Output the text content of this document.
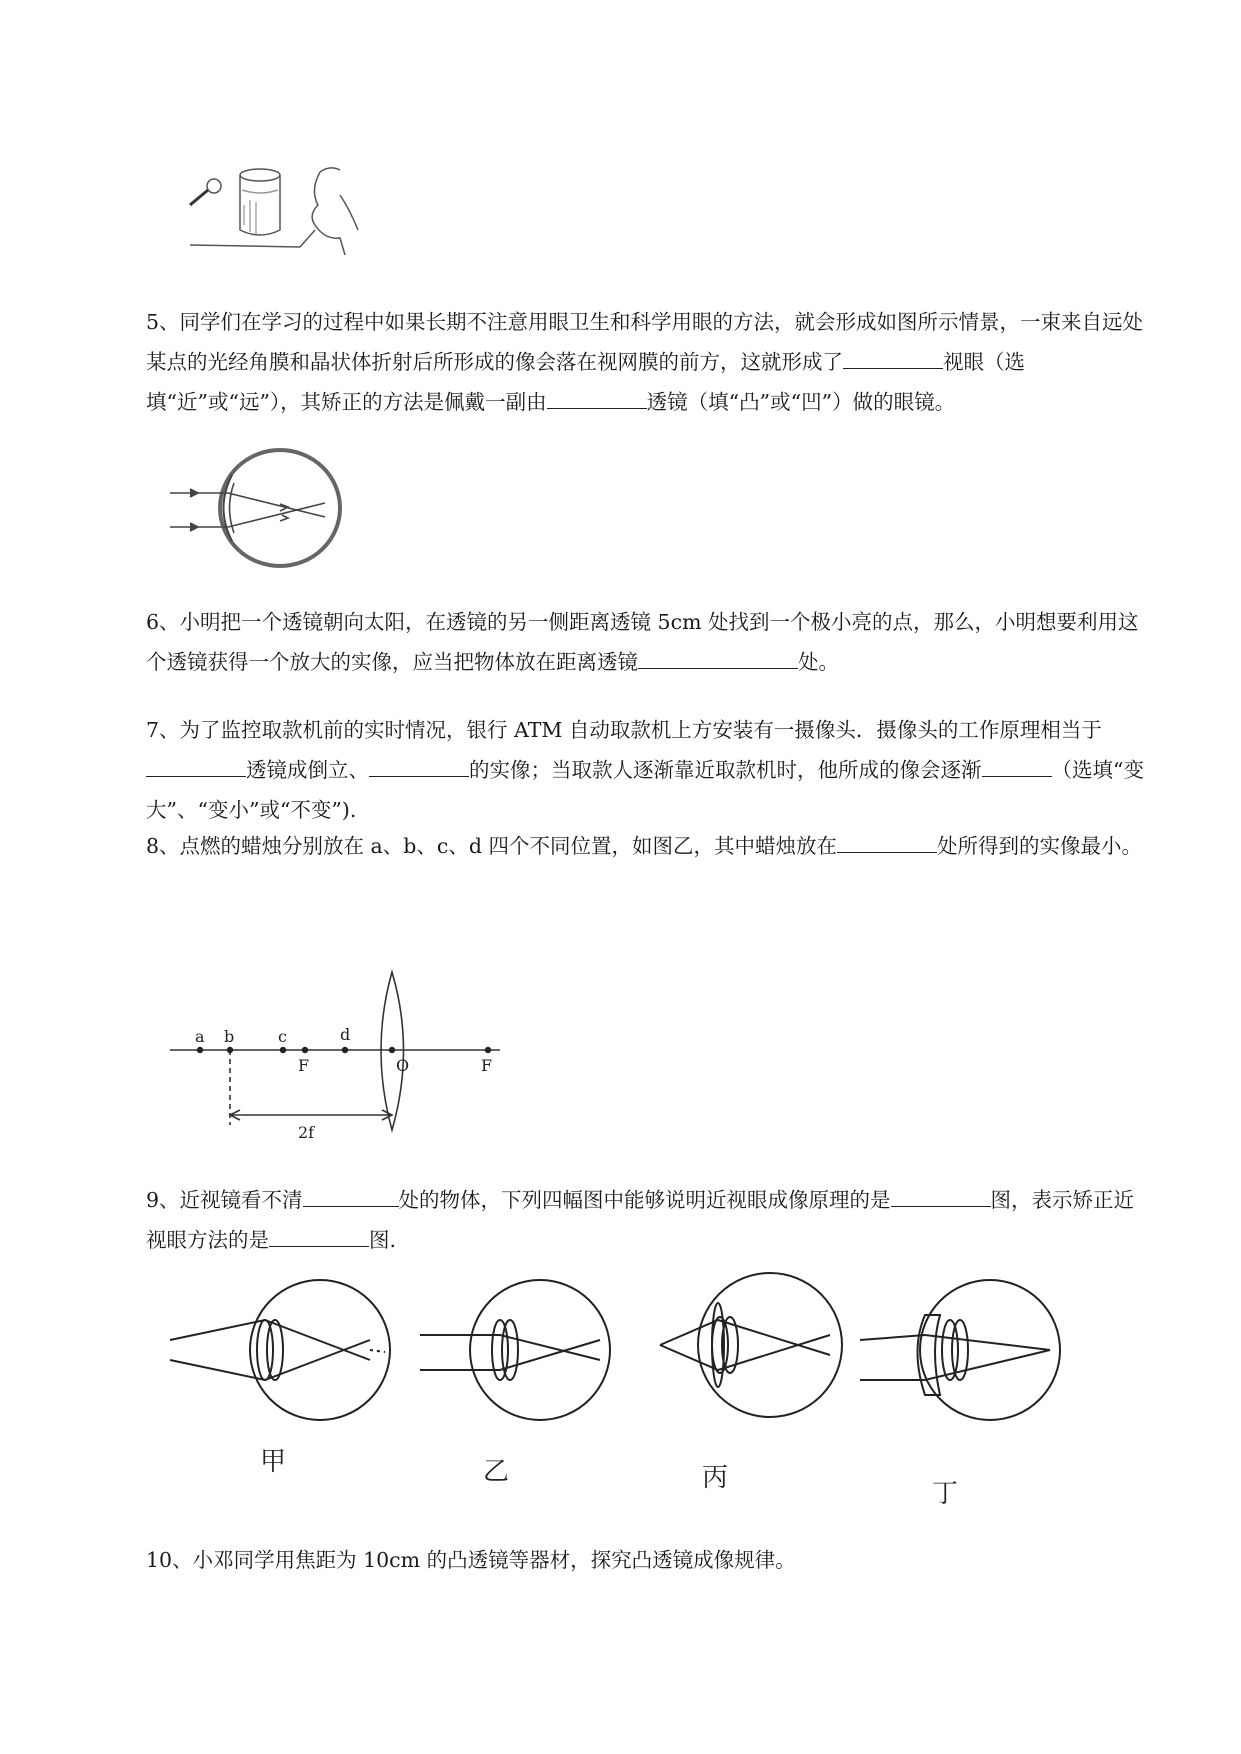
5、同学们在学习的过程中如果长期不注意用眼卫生和科学用眼的方法，就会形成如图所示情景，一束来自远处某点的光经角膜和晶状体折射后所形成的像会落在视网膜的前方，这就形成了	视眼（选填“近”或“远”），其矫正的方法是佩戴一副由	透镜（填“凸”或“凹”）做的眼镜。
6、小明把一个透镜朝向太阳，在透镜的另一侧距离透镜 5cm 处找到一个极小亮的点，那么，小明想要利用这个透镜获得一个放大的实像，应当把物体放在距离透镜	处。
7、为了监控取款机前的实时情况，银行 ATM 自动取款机上方安装有一摄像头．摄像头的工作原理相当于透镜成倒立、	的实像；当取款人逐渐靠近取款机时，他所成的像会逐渐	（选填“变大”、“变小”或“不变”).
8、点燃的蜡烛分别放在 a、b、c、d 四个不同位置，如图乙，其中蜡烛放在	处所得到的实像最小。
a b	c	d
F	O	F
2f
9、近视镜看不清	处的物体，下列四幅图中能够说明近视眼成像原理的是	图，表示矫正近视眼方法的是	图.
甲	乙	丙
丁
10、小邓同学用焦距为 10cm 的凸透镜等器材，探究凸透镜成像规律。
